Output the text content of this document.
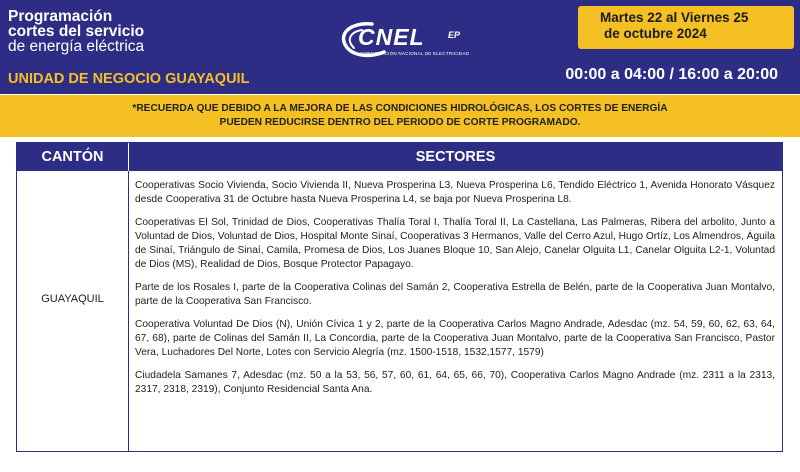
Programación
cortes del servicio
de energía eléctrica
UNIDAD DE NEGOCIO GUAYAQUIL
CNEL	EP
CORPORACIÓN NACIONAL DE ELECTRICIDAD
Martes 22 al Viernes 25
de octubre 2024
00:00 a 04:00 / 16:00 a 20:00
*RECUERDA QUE DEBIDO A LA MEJORA DE LAS CONDICIONES HIDROLÓGICAS, LOS CORTES DE ENERGÍA
PUEDEN REDUCIRSE DENTRO DEL PERIODO DE CORTE PROGRAMADO.
CANTÓN	SECTORES
GUAYAQUIL

Cooperativas Socio Vivienda, Socio Vivienda II, Nueva Prosperina L3, Nueva Prosperina L6, Tendido Eléctrico 1, Avenida Honorato Vásquez desde Cooperativa 31 de Octubre hasta Nueva Prosperina L4, se baja por Nueva Prosperina L8.

Cooperativas El Sol, Trinidad de Dios, Cooperativas Thalía Toral I, Thalía Toral II, La Castellana, Las Palmeras, Ribera del arbolito, Junto a Voluntad de Dios, Voluntad de Dios, Hospital Monte Sinaí, Cooperativas 3 Hermanos, Valle del Cerro Azul, Hugo Ortíz, Los Almendros, Águila de Sinaí, Triángulo de Sinaí, Camila, Promesa de Dios, Los Juanes Bloque 10, San Alejo, Canelar Olguita L1, Canelar Olguita L2-1, Voluntad de Dios (MS), Realidad de Dios, Bosque Protector Papagayo.

Parte de los Rosales I, parte de la Cooperativa Colinas del Samán 2, Cooperativa Estrella de Belén, parte de la Cooperativa Juan Montalvo, parte de la Cooperativa San Francisco.

Cooperativa Voluntad De Dios (N), Unión Cívica 1 y 2, parte de la Cooperativa Carlos Magno Andrade, Adesdac (mz. 54, 59, 60, 62, 63, 64, 67, 68), parte de Colinas del Samán II, La Concordia, parte de la Cooperativa Juan Montalvo, parte de la Cooperativa San Francisco, Pastor Vera, Luchadores Del Norte, Lotes con Servicio Alegría (mz. 1500-1518, 1532,1577, 1579)

Ciudadela Samanes 7, Adesdac (mz. 50 a la 53, 56, 57, 60, 61, 64, 65, 66, 70), Cooperativa Carlos Magno Andrade (mz. 2311 a la 2313, 2317, 2318, 2319), Conjunto Residencial Santa Ana.
